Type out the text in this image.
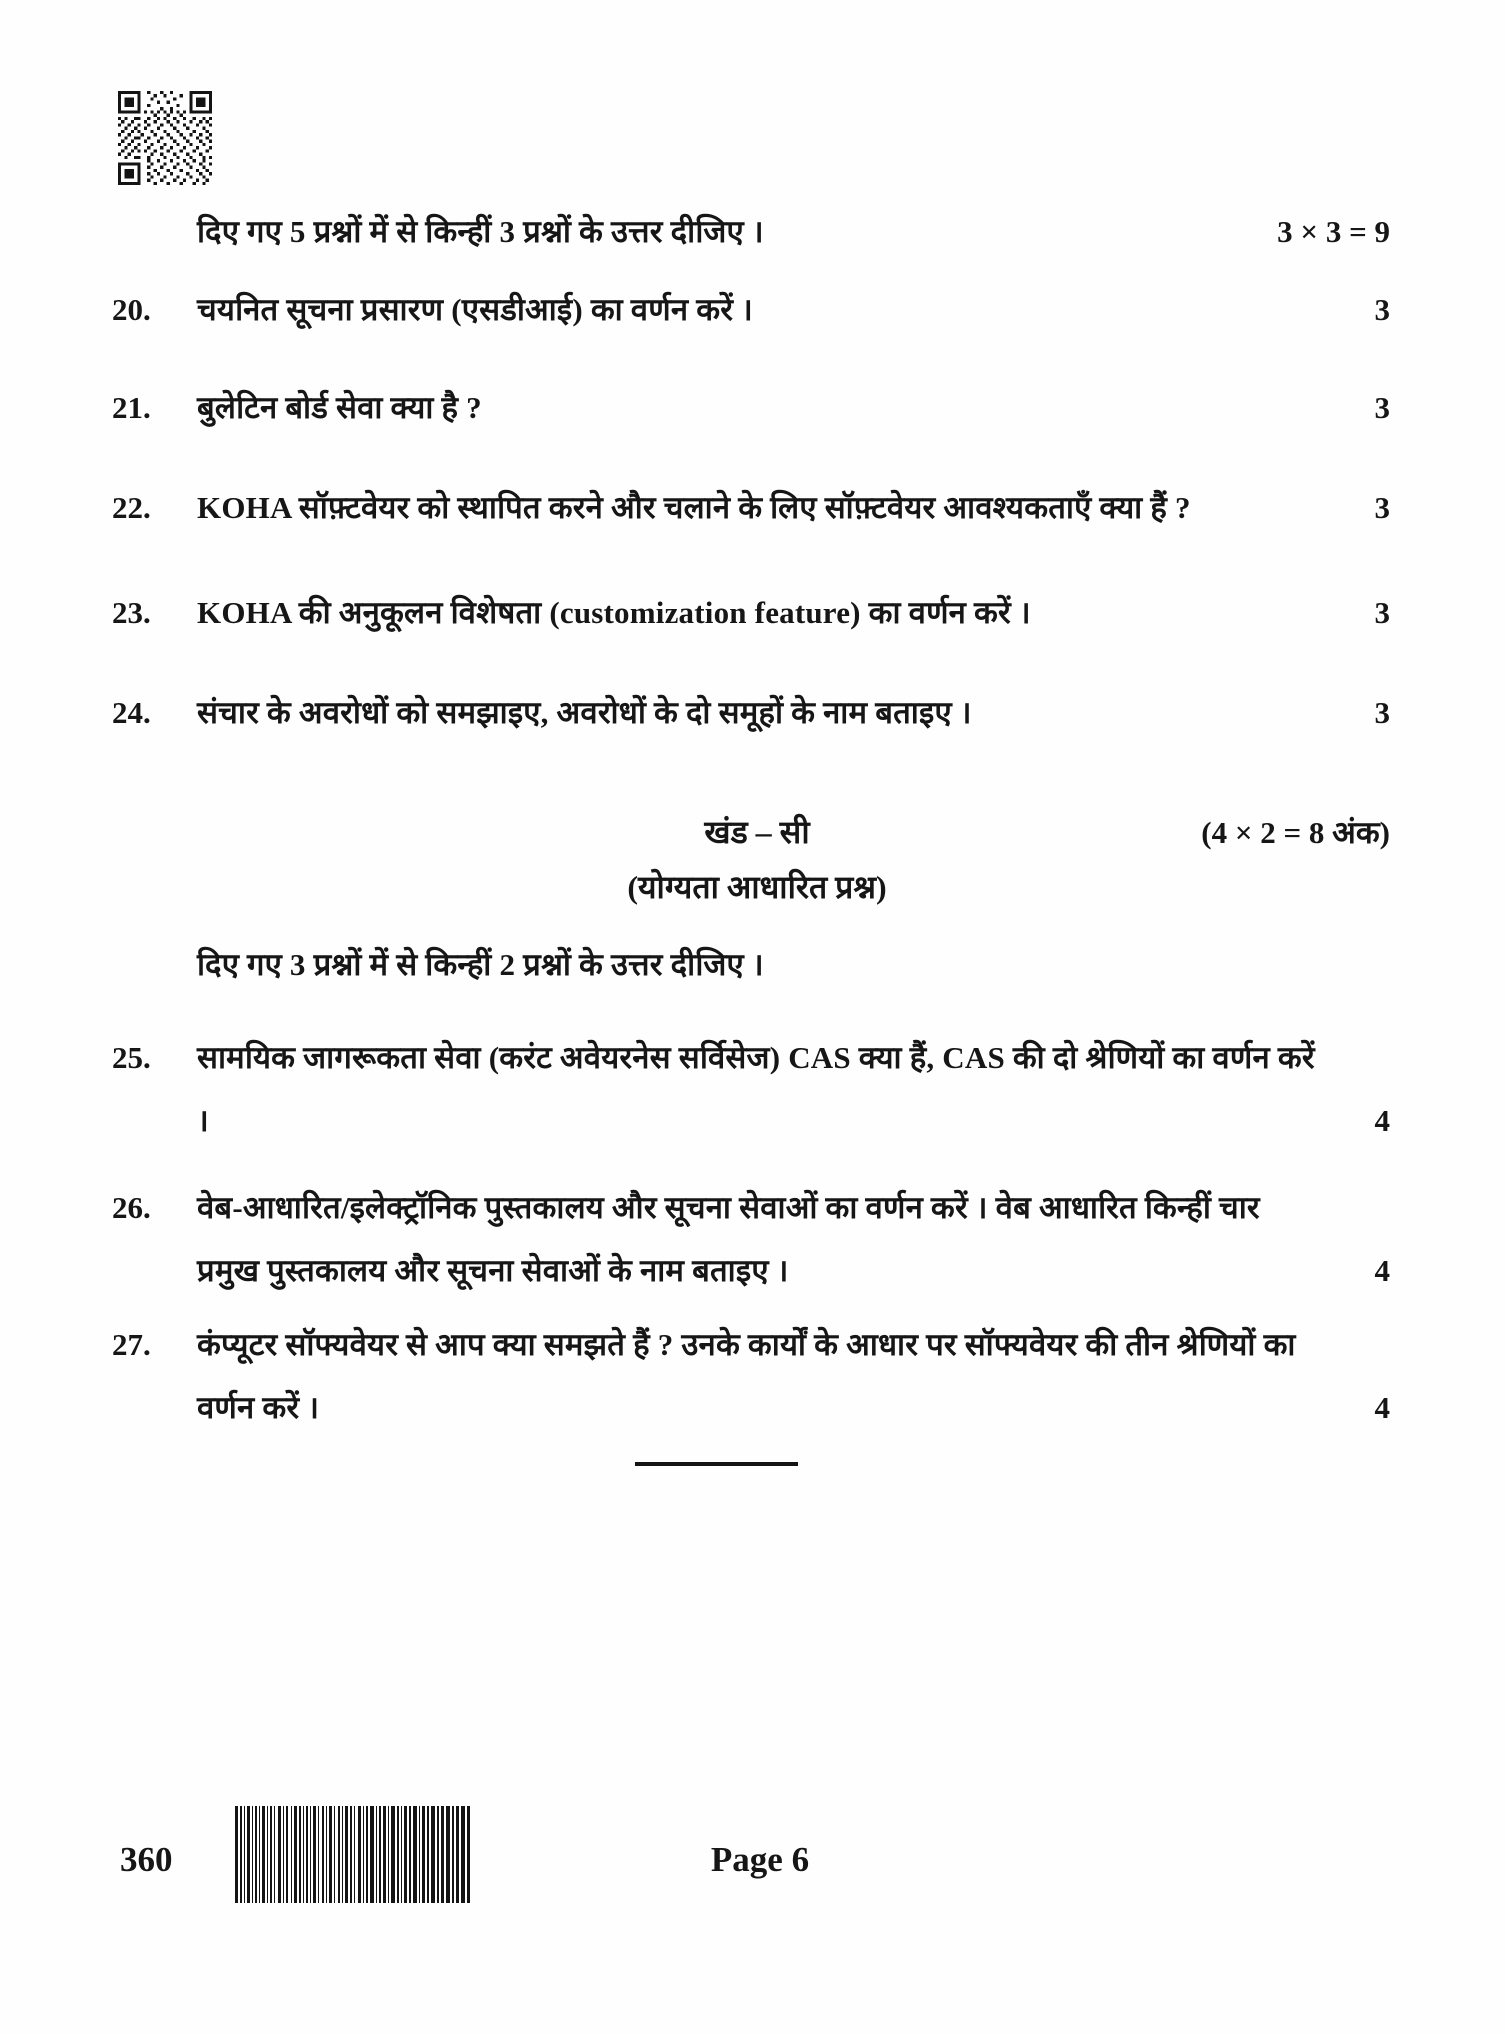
दिए गए 5 प्रश्नों में से किन्हीं 3 प्रश्नों के उत्तर दीजिए ।	3 × 3 = 9
20.	चयनित सूचना प्रसारण (एसडीआई) का वर्णन करें ।	3
21.	बुलेटिन बोर्ड सेवा क्या है ?	3
22.	KOHA सॉफ़्टवेयर को स्थापित करने और चलाने के लिए सॉफ़्टवेयर आवश्यकताएँ क्या हैं ?	3
23.	KOHA की अनुकूलन विशेषता (customization feature) का वर्णन करें ।	3
24.	संचार के अवरोधों को समझाइए, अवरोधों के दो समूहों के नाम बताइए ।	3
खंड – सी	(4 × 2 = 8 अंक)
(योग्यता आधारित प्रश्न)
दिए गए 3 प्रश्नों में से किन्हीं 2 प्रश्नों के उत्तर दीजिए ।
25.	सामयिक जागरूकता सेवा (करंट अवेयरनेस सर्विसेज) CAS क्या हैं, CAS की दो श्रेणियों का वर्णन करें ।	4
26.	वेब-आधारित/इलेक्ट्रॉनिक पुस्तकालय और सूचना सेवाओं का वर्णन करें । वेब आधारित किन्हीं चार प्रमुख पुस्तकालय और सूचना सेवाओं के नाम बताइए ।	4
27.	कंप्यूटर सॉफ्यवेयर से आप क्या समझते हैं ? उनके कार्यों के आधार पर सॉफ्यवेयर की तीन श्रेणियों का वर्णन करें ।	4
360	Page 6
